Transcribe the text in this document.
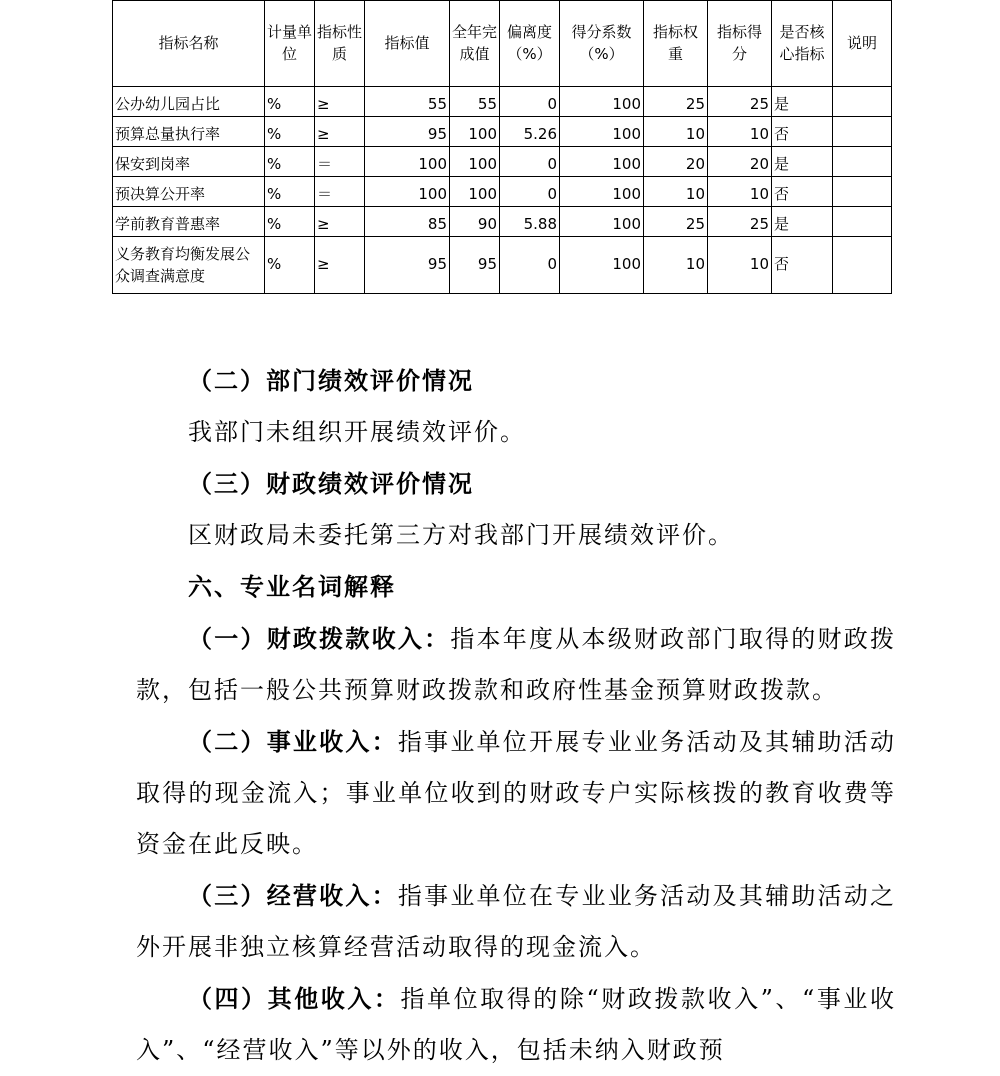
指标名称	计量单位	指标性质	指标值	全年完成值	偏离度（%）	得分系数（%）	指标权重	指标得分	是否核心指标	说明
公办幼儿园占比	%	≥	55	55	0	100	25	25	是	
预算总量执行率	%	≥	95	100	5.26	100	10	10	否	
保安到岗率	%	＝	100	100	0	100	20	20	是	
预决算公开率	%	＝	100	100	0	100	10	10	否	
学前教育普惠率	%	≥	85	90	5.88	100	25	25	是	
义务教育均衡发展公众调查满意度	%	≥	95	95	0	100	10	10	否	

（二）部门绩效评价情况

我部门未组织开展绩效评价。

（三）财政绩效评价情况

区财政局未委托第三方对我部门开展绩效评价。

六、专业名词解释

（一）财政拨款收入：指本年度从本级财政部门取得的财政拨款，包括一般公共预算财政拨款和政府性基金预算财政拨款。

（二）事业收入：指事业单位开展专业业务活动及其辅助活动取得的现金流入；事业单位收到的财政专户实际核拨的教育收费等资金在此反映。

（三）经营收入：指事业单位在专业业务活动及其辅助活动之外开展非独立核算经营活动取得的现金流入。

（四）其他收入：指单位取得的除“财政拨款收入”、“事业收入”、“经营收入”等以外的收入，包括未纳入财政预
